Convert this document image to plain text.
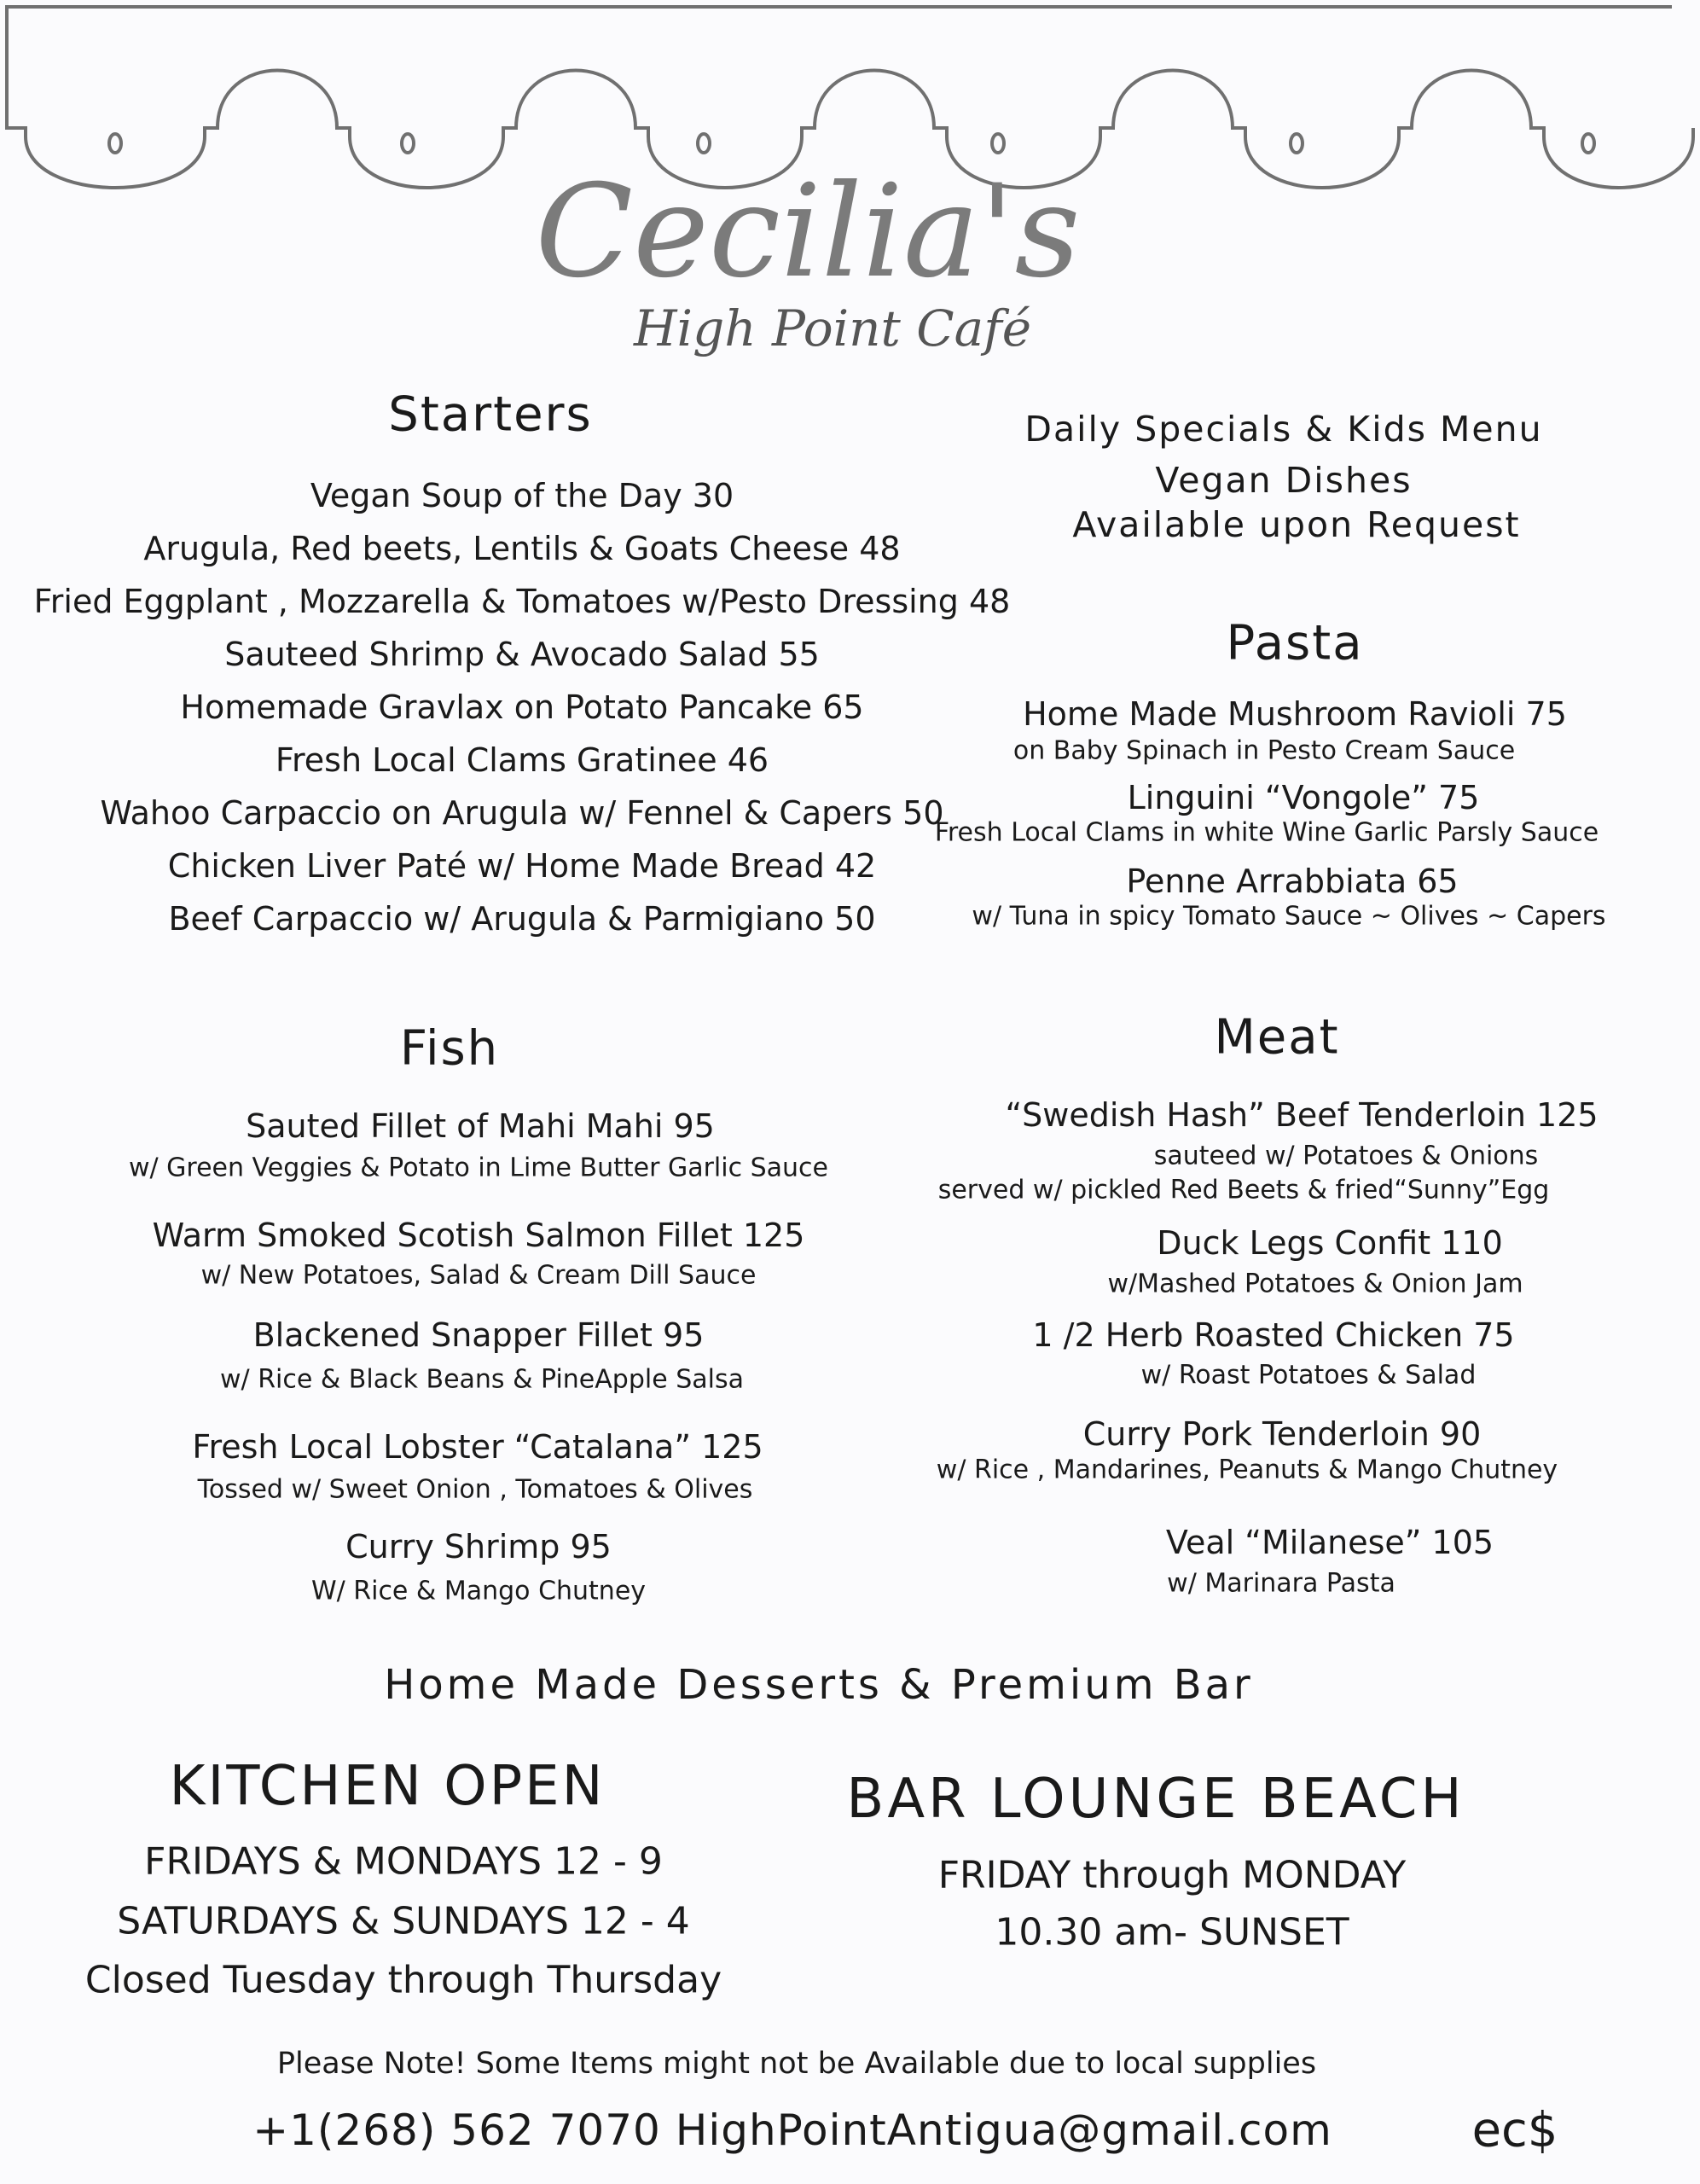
Cecilia's
High Point Café
Starters
Vegan Soup of the Day 30
Arugula, Red beets, Lentils & Goats Cheese 48
Fried Eggplant , Mozzarella & Tomatoes w/Pesto Dressing 48
Sauteed Shrimp & Avocado Salad 55
Homemade Gravlax on Potato Pancake 65
Fresh Local Clams Gratinee 46
Wahoo Carpaccio on Arugula w/ Fennel & Capers 50
Chicken Liver Paté w/ Home Made Bread 42
Beef Carpaccio w/ Arugula & Parmigiano 50
Daily Specials & Kids Menu
Vegan Dishes
Available upon Request
Pasta
Home Made Mushroom Ravioli 75
on Baby Spinach in Pesto Cream Sauce
Linguini “Vongole” 75
Fresh Local Clams in white Wine Garlic Parsly Sauce
Penne Arrabbiata 65
w/ Tuna in spicy Tomato Sauce ~ Olives ~ Capers
Fish
Sauted Fillet of Mahi Mahi 95
w/ Green Veggies & Potato in Lime Butter Garlic Sauce
Warm Smoked Scotish Salmon Fillet 125
w/ New Potatoes, Salad & Cream Dill Sauce
Blackened Snapper Fillet 95
w/ Rice & Black Beans & PineApple Salsa
Fresh Local Lobster “Catalana” 125
Tossed w/ Sweet Onion , Tomatoes & Olives
Curry Shrimp 95
W/ Rice & Mango Chutney
Meat
“Swedish Hash” Beef Tenderloin 125
sauteed w/ Potatoes & Onions
served w/ pickled Red Beets & fried“Sunny”Egg
Duck Legs Confit 110
w/Mashed Potatoes & Onion Jam
1 /2 Herb Roasted Chicken 75
w/ Roast Potatoes & Salad
Curry Pork Tenderloin 90
w/ Rice , Mandarines, Peanuts & Mango Chutney
Veal “Milanese” 105
w/ Marinara Pasta
Home Made Desserts & Premium Bar
KITCHEN OPEN
FRIDAYS & MONDAYS 12 - 9
SATURDAYS & SUNDAYS 12 - 4
Closed Tuesday through Thursday
BAR LOUNGE BEACH
FRIDAY through MONDAY
10.30 am- SUNSET
Please Note! Some Items might not be Available due to local supplies
+1(268) 562 7070 HighPointAntigua@gmail.com	ec$
